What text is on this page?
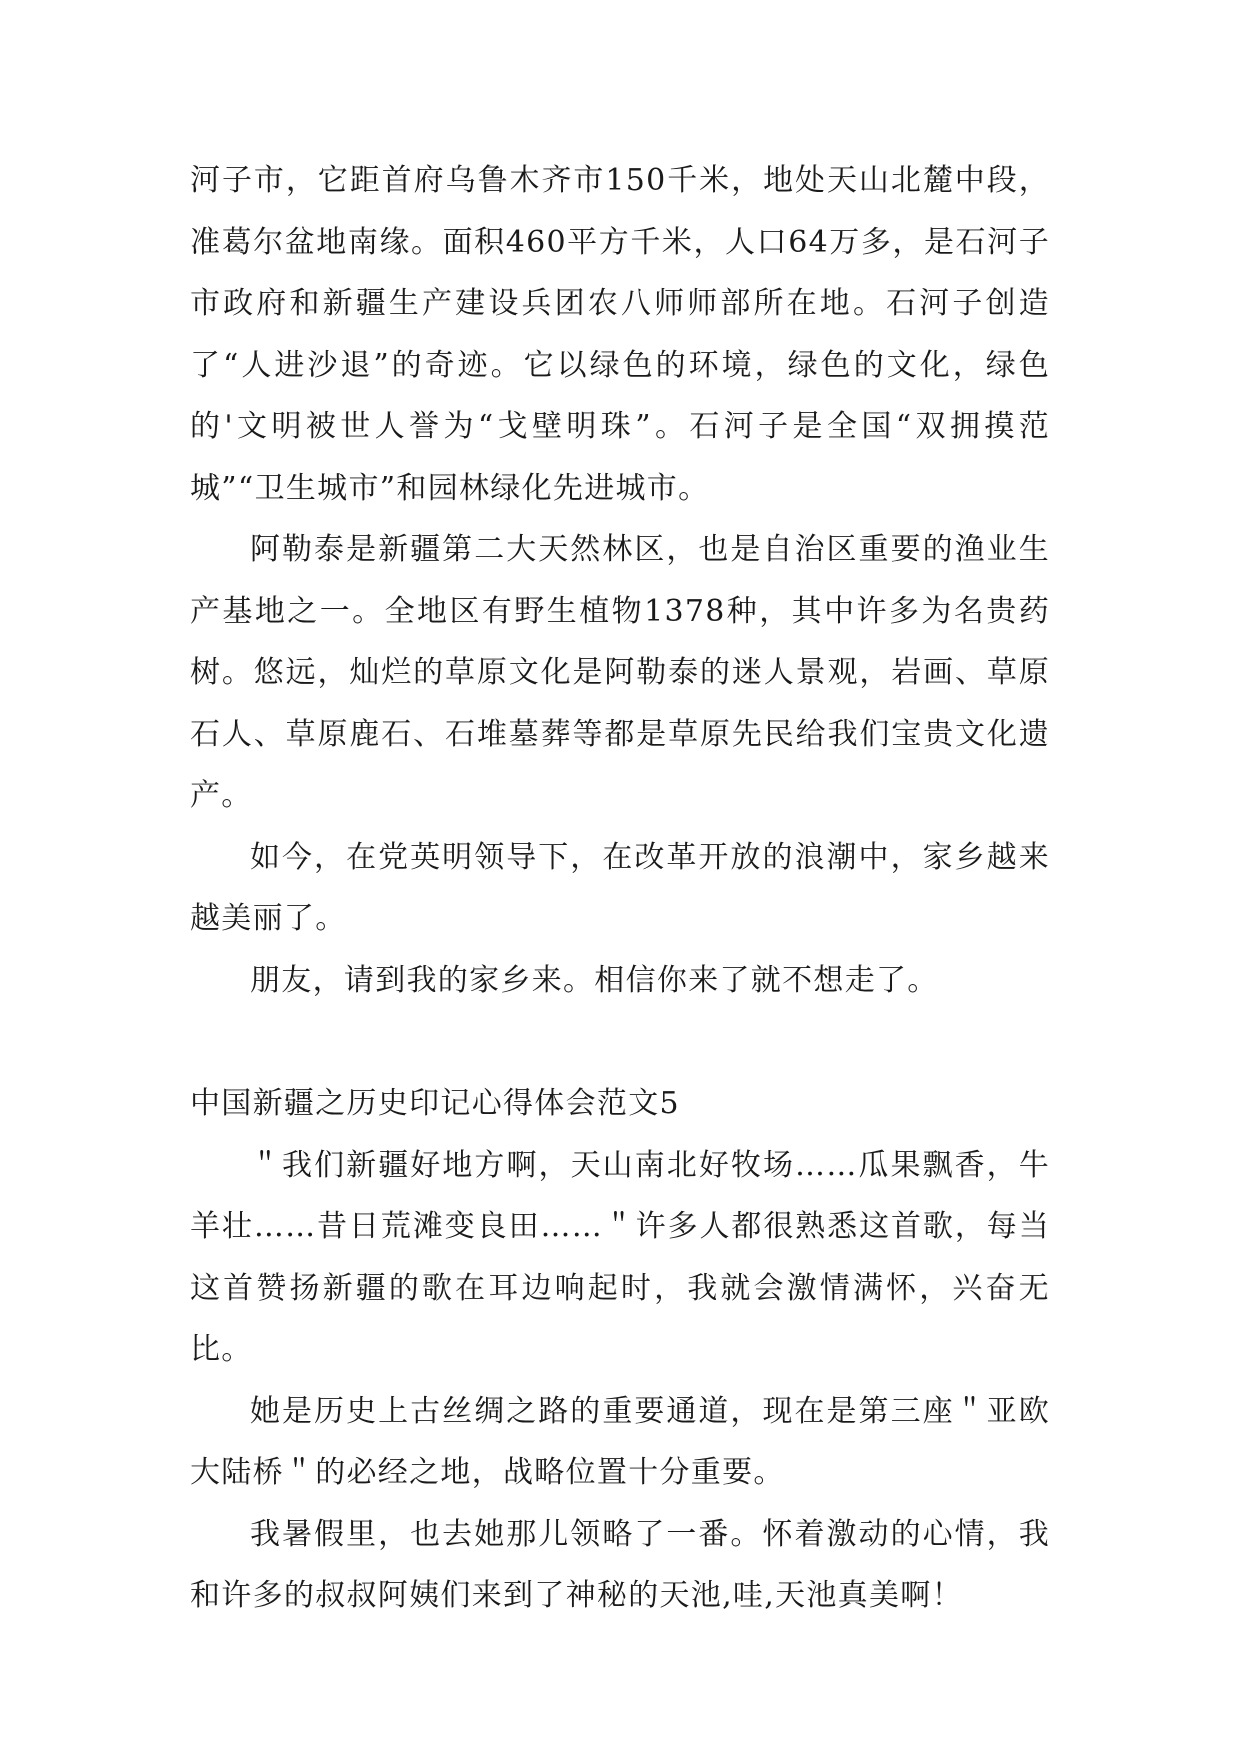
河子市，它距首府乌鲁木齐市150千米，地处天山北麓中段，准葛尔盆地南缘。面积460平方千米，人口64万多，是石河子市政府和新疆生产建设兵团农八师师部所在地。石河子创造了“人进沙退”的奇迹。它以绿色的环境，绿色的文化，绿色的'文明被世人誉为“戈壁明珠”。石河子是全国“双拥摸范城”“卫生城市”和园林绿化先进城市。

阿勒泰是新疆第二大天然林区，也是自治区重要的渔业生产基地之一。全地区有野生植物1378种，其中许多为名贵药树。悠远，灿烂的草原文化是阿勒泰的迷人景观，岩画、草原石人、草原鹿石、石堆墓葬等都是草原先民给我们宝贵文化遗产。

如今，在党英明领导下，在改革开放的浪潮中，家乡越来越美丽了。

朋友，请到我的家乡来。相信你来了就不想走了。

中国新疆之历史印记心得体会范文5

＂我们新疆好地方啊，天山南北好牧场……瓜果飘香，牛羊壮……昔日荒滩变良田……＂许多人都很熟悉这首歌，每当这首赞扬新疆的歌在耳边响起时，我就会激情满怀，兴奋无比。

她是历史上古丝绸之路的重要通道，现在是第三座＂亚欧大陆桥＂的必经之地，战略位置十分重要。

我暑假里，也去她那儿领略了一番。怀着激动的心情，我和许多的叔叔阿姨们来到了神秘的天池,哇,天池真美啊！
